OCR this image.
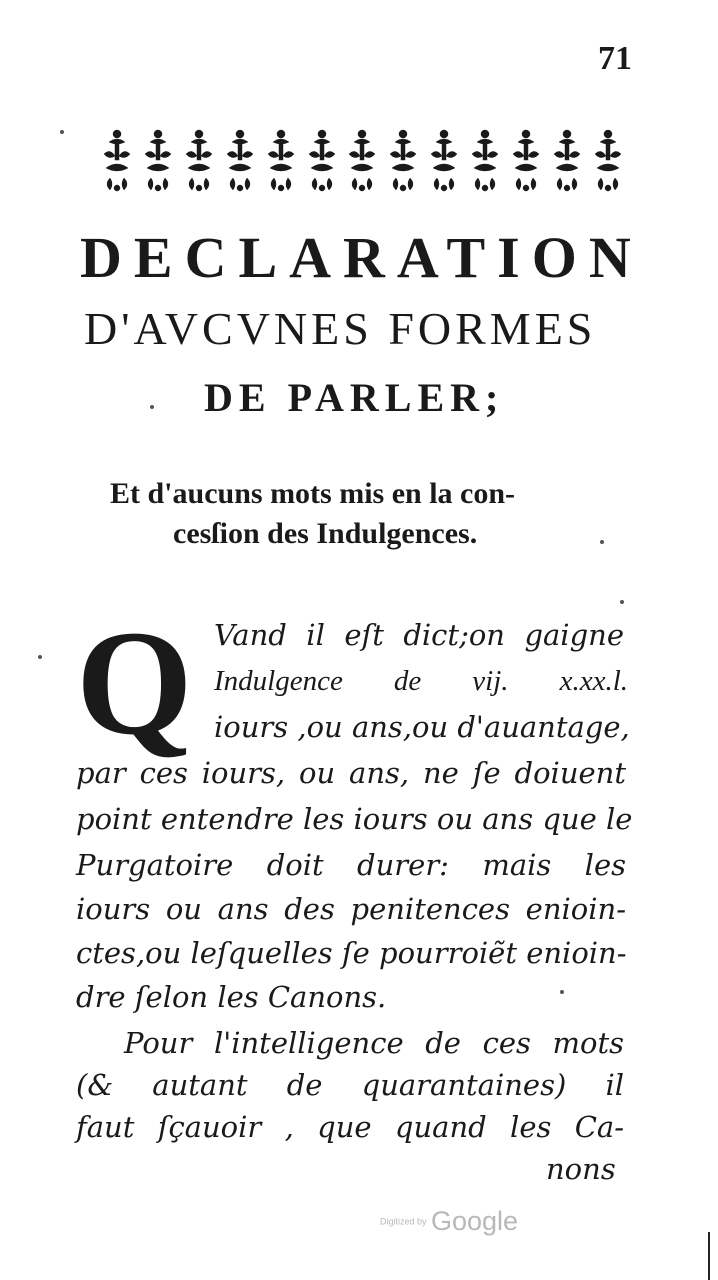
71
DECLARATION
D'AVCVNES FORMES
DE PARLER;
Et d'aucuns mots mis en la con-
cesſion des Indulgences.
Q Vand il eſt dict;on gaigne
Indulgence de vij. x.xx.l.
iours ,ou ans,ou d'auantage,
par ces iours, ou ans, ne ſe doiuent
point entendre les iours ou ans que le
Purgatoire doit durer: mais les
iours ou ans des penitences enioin-
ctes,ou leſquelles ſe pourroiẽt enioin-
dre ſelon les Canons.
Pour l'intelligence de ces mots
(& autant de quarantaines) il
faut ſçauoir , que quand les Ca-
nons
Digitized by Google
